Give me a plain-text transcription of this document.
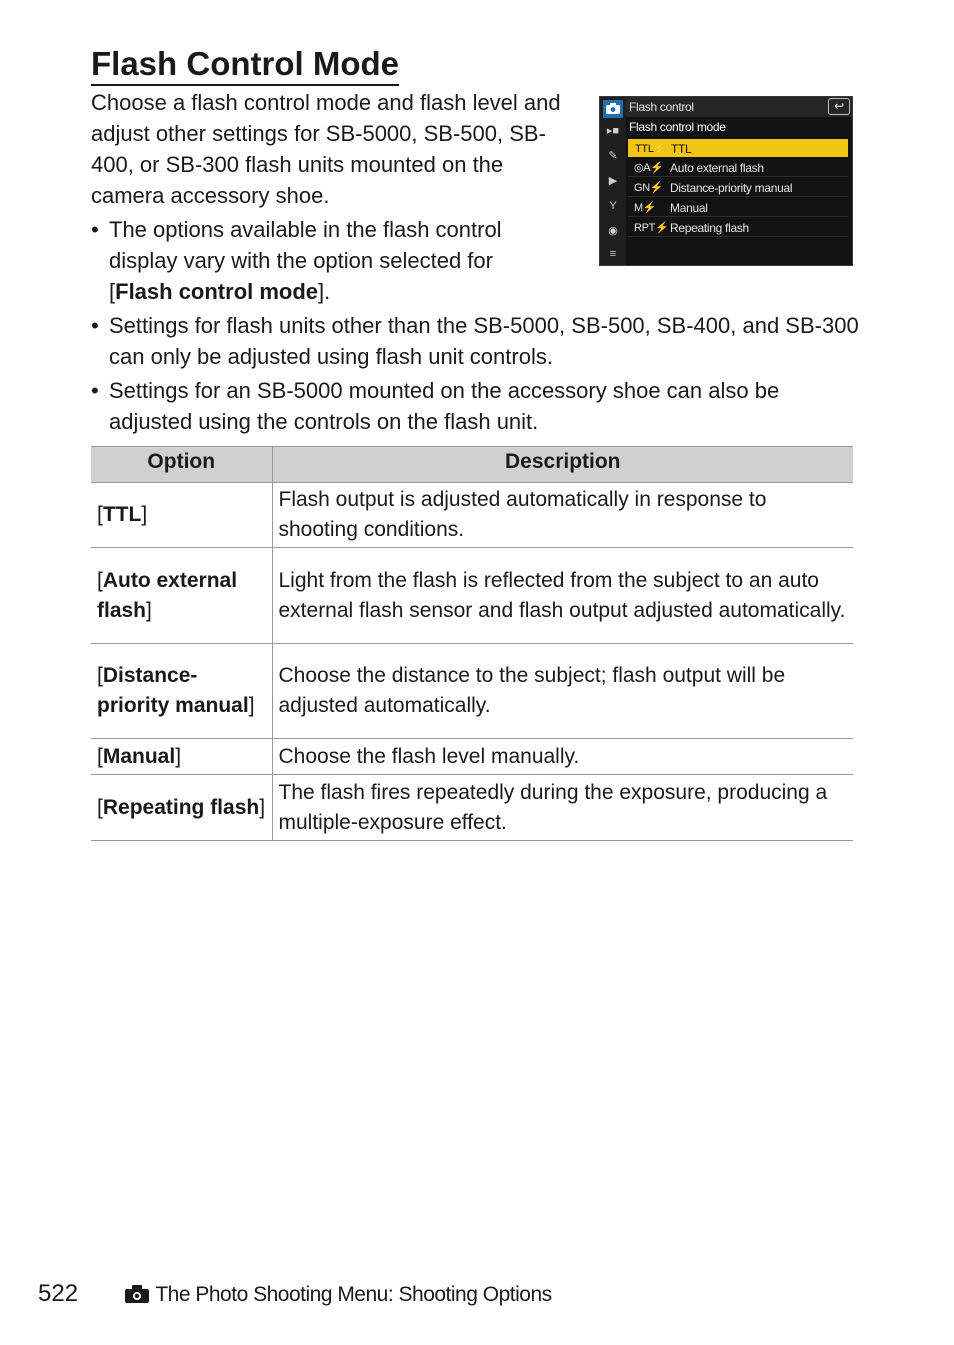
Flash Control Mode

Choose a flash control mode and flash level and adjust other settings for SB-5000, SB-500, SB-400, or SB-300 flash units mounted on the camera accessory shoe.

▸■
✎
▶
Y
◉
≡
Flash control	↩
Flash control mode
TTL⚡ TTL
◎A⚡ Auto external flash
GN⚡ Distance-priority manual
M⚡	Manual
RPT⚡ Repeating flash
• The options available in the flash control display vary with the option selected for [Flash control mode].
• Settings for flash units other than the SB-5000, SB-500, SB-400, and SB-300 can only be adjusted using flash unit controls.
• Settings for an SB-5000 mounted on the accessory shoe can also be adjusted using the controls on the flash unit.
Option	Description
[TTL]	Flash output is adjusted automatically in response to shooting conditions.
[Auto external flash]	Light from the flash is reflected from the subject to an auto external flash sensor and flash output adjusted automatically.
[Distance-priority manual]	Choose the distance to the subject; flash output will be adjusted automatically.
[Manual]	Choose the flash level manually.
[Repeating flash]	The flash fires repeatedly during the exposure, producing a multiple-exposure effect.
522	The Photo Shooting Menu: Shooting Options
